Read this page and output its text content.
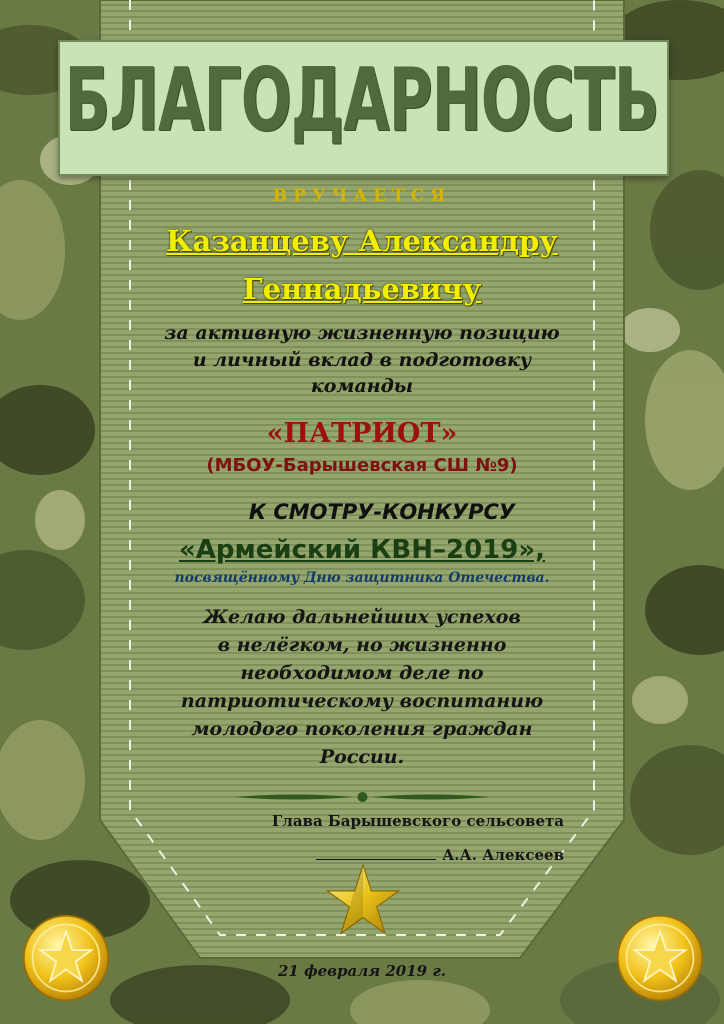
БЛАГОДАРНОСТЬ
ВРУЧАЕТСЯ
Казанцеву Александру
Геннадьевичу
за активную жизненную позицию
и личный вклад в подготовку
команды
«ПАТРИОТ»
(МБОУ-Барышевская СШ №9)
К СМОТРУ-КОНКУРСУ
«Армейский КВН–2019»,
посвящённому Дню защитника Отечества.
Желаю дальнейших успехов
в нелёгком, но жизненно
необходимом деле по
патриотическому воспитанию
молодого поколения граждан
России.
Глава Барышевского сельсовета
А.А. Алексеев
21 февраля 2019 г.
